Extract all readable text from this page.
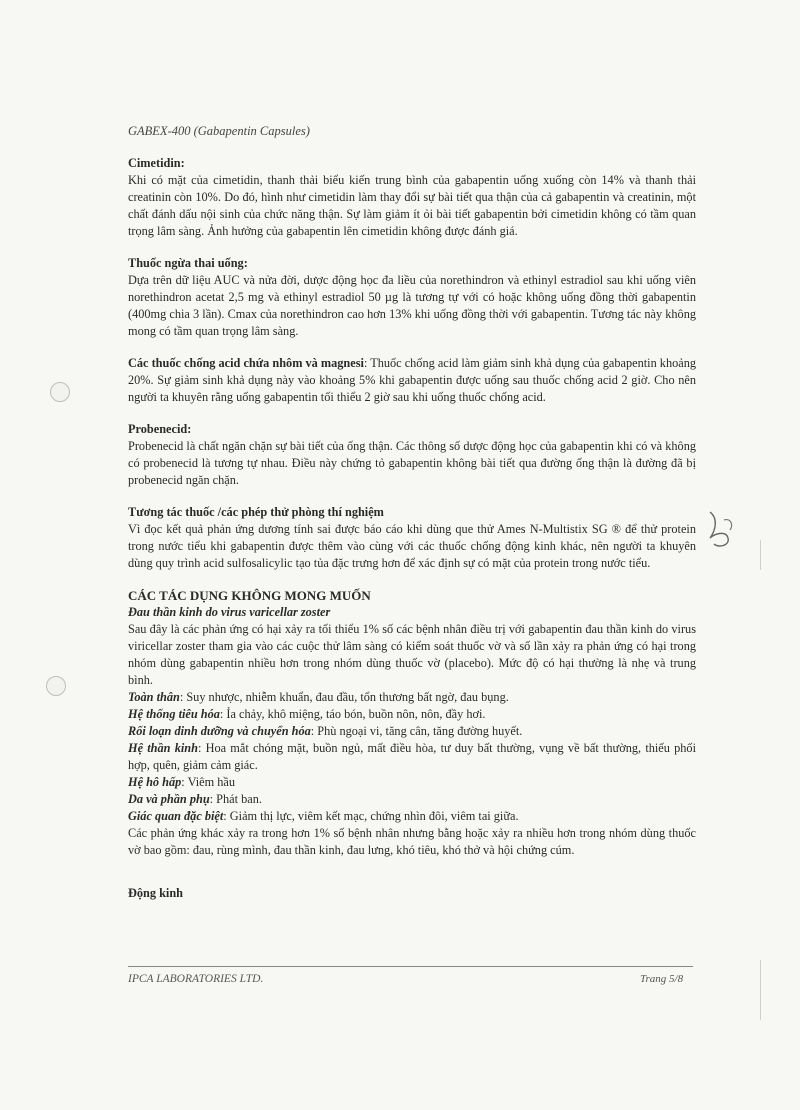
GABEX-400 (Gabapentin Capsules)

Cimetidin:

Khi có mặt của cimetidin, thanh thải biểu kiến trung bình của gabapentin uống xuống còn 14% và thanh thải creatinin còn 10%. Do đó, hình như cimetidin làm thay đổi sự bài tiết qua thận của cả gabapentin và creatinin, một chất đánh dấu nội sinh của chức năng thận. Sự làm giảm ít ỏi bài tiết gabapentin bởi cimetidin không có tầm quan trọng lâm sàng. Ảnh hưởng của gabapentin lên cimetidin không được đánh giá.

Thuốc ngừa thai uống:

Dựa trên dữ liệu AUC và nửa đời, dược động học đa liều của norethindron và ethinyl estradiol sau khi uống viên norethindron acetat 2,5 mg và ethinyl estradiol 50 µg là tương tự với có hoặc không uống đồng thời gabapentin (400mg chia 3 lần). Cmax của norethindron cao hơn 13% khi uống đồng thời với gabapentin. Tương tác này không mong có tầm quan trọng lâm sàng.

Các thuốc chống acid chứa nhôm và magnesi: Thuốc chống acid làm giảm sinh khả dụng của gabapentin khoảng 20%. Sự giảm sinh khả dụng này vào khoảng 5% khi gabapentin được uống sau thuốc chống acid 2 giờ. Cho nên người ta khuyên rằng uống gabapentin tối thiểu 2 giờ sau khi uống thuốc chống acid.

Probenecid:

Probenecid là chất ngăn chặn sự bài tiết của ống thận. Các thông số dược động học của gabapentin khi có và không có probenecid là tương tự nhau. Điều này chứng tỏ gabapentin không bài tiết qua đường ống thận là đường đã bị probenecid ngăn chặn.

Tương tác thuốc /các phép thử phòng thí nghiệm

Vì đọc kết quả phản ứng dương tính sai được báo cáo khi dùng que thử Ames N-Multistix SG ® để thử protein trong nước tiểu khi gabapentin được thêm vào cùng với các thuốc chống động kinh khác, nên người ta khuyên dùng quy trình acid sulfosalicylic tạo tủa đặc trưng hơn để xác định sự có mặt của protein trong nước tiểu.

CÁC TÁC DỤNG KHÔNG MONG MUỐN

Đau thần kinh do virus varicellar zoster

Sau đây là các phản ứng có hại xảy ra tối thiểu 1% số các bệnh nhân điều trị với gabapentin đau thần kinh do virus viricellar zoster tham gia vào các cuộc thử lâm sàng có kiểm soát thuốc vờ và số lần xảy ra phản ứng có hại trong nhóm dùng gabapentin nhiều hơn trong nhóm dùng thuốc vờ (placebo). Mức độ có hại thường là nhẹ và trung bình.

Toàn thân: Suy nhược, nhiễm khuẩn, đau đầu, tổn thương bất ngờ, đau bụng.

Hệ thống tiêu hóa: Ỉa chảy, khô miệng, táo bón, buồn nôn, nôn, đầy hơi.

Rối loạn dinh dưỡng và chuyển hóa: Phù ngoại vi, tăng cân, tăng đường huyết.

Hệ thần kinh: Hoa mắt chóng mặt, buồn ngủ, mất điều hòa, tư duy bất thường, vụng về bất thường, thiếu phối hợp, quên, giảm cảm giác.

Hệ hô hấp: Viêm hầu

Da và phần phụ: Phát ban.

Giác quan đặc biệt: Giảm thị lực, viêm kết mạc, chứng nhìn đôi, viêm tai giữa.

Các phản ứng khác xảy ra trong hơn 1% số bệnh nhân nhưng bằng hoặc xảy ra nhiều hơn trong nhóm dùng thuốc vờ bao gồm: đau, rùng mình, đau thần kinh, đau lưng, khó tiêu, khó thở và hội chứng cúm.

Động kinh

IPCA LABORATORIES LTD.	Trang 5/8
